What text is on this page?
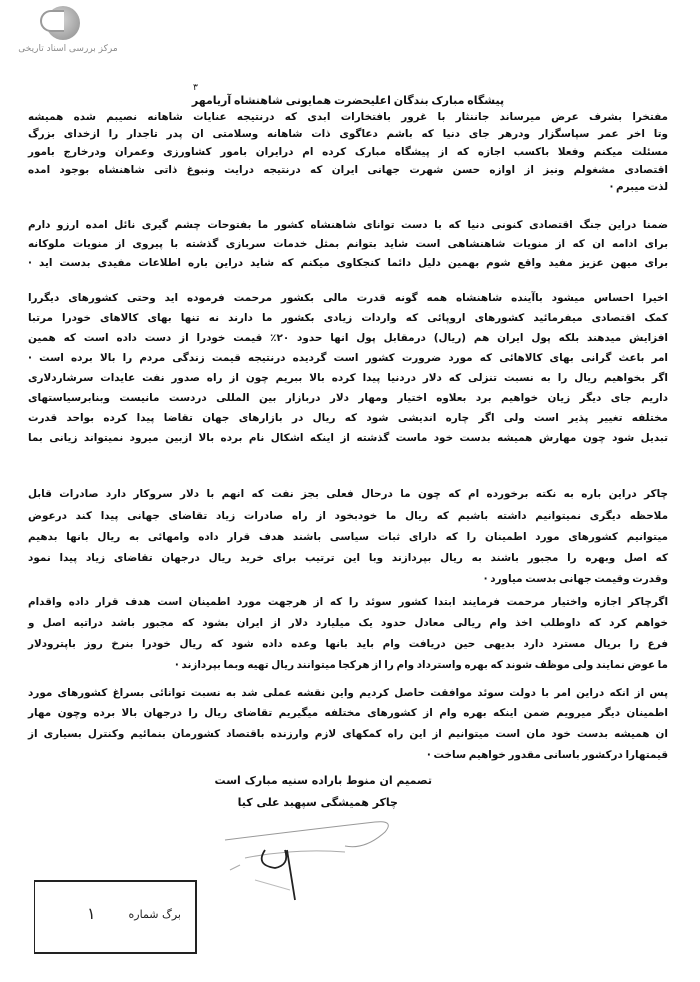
مرکز بررسی اسناد تاریخی
٣
پیشگاه مبارک بندگان اعلیحضرت همایونی شاهنشاه آریامهر
مفتخرا بشرف عرض میرساند جاننثار با غرور بافتخارات ابدی که درنتیجه عنایات شاهانه نصیبم شده همیشه
وتا اخر عمر سپاسگزار ودرهر جای دنیا که باشم دعاگوی ذات شاهانه وسلامتی ان پدر تاجدار را ازخدای بزرگ
مسئلت میکنم وفعلا باکسب اجازه که از پیشگاه مبارک کرده ام درایران بامور کشاورزی وعمران ودرخارج بامور
اقتصادی مشغولم ونیز از اوازه حسن شهرت جهانی ایران که درنتیجه درایت ونبوغ ذاتی شاهنشاه بوجود امده
لذت میبرم ·
ضمنا دراین جنگ اقتصادی کنونی دنیا که با دست توانای شاهنشاه کشور ما بفتوحات چشم گیری نائل امده ارزو دارم
برای ادامه ان که از منویات شاهنشاهی است شاید بتوانم بمثل خدمات سربازی گذشته با پیروی از منویات ملوکانه
برای میهن عزیز مفید واقع شوم بهمین دلیل دائما کنجکاوی میکنم که شاید دراین باره اطلاعات مفیدی بدست اید ·
اخیرا احساس میشود باآینده شاهنشاه همه گونه قدرت مالی بکشور مرحمت فرموده اید وحتی کشورهای دیگررا
کمک اقتصادی میفرمائید کشورهای اروپائی که واردات زیادی بکشور ما دارند نه تنها بهای کالاهای خودرا مرتبا
افزایش میدهند بلکه پول ایران هم (ریال) درمقابل پول انها حدود ٢٠٪ قیمت خودرا از دست داده است که همین
امر باعث گرانی بهای کالاهائی که مورد ضرورت کشور است گردیده درنتیجه قیمت زندگی مردم را بالا برده است ·
اگر بخواهیم ریال را به نسبت تنزلی که دلار دردنیا پیدا کرده بالا ببریم چون از راه صدور نفت عایدات سرشاردلاری
داریم جای دیگر زیان خواهیم برد بعلاوه اختیار ومهار دلار دربازار بین المللی دردست مانیست وبنابرسیاستهای
مختلفه تغییر پذیر است ولی اگر چاره اندیشی شود که ریال در بازارهای جهان تقاضا پیدا کرده بواحد قدرت
تبدیل شود چون مهارش همیشه بدست خود ماست گذشته از اینکه اشکال نام برده بالا ازبین میرود نمیتواند زیانی بما
چاکر دراین باره به نکته برخورده ام که چون ما درحال فعلی بجز نفت که انهم با دلار سروکار دارد صادرات قابل
ملاحظه دیگری نمیتوانیم داشته باشیم که ریال ما خودبخود از راه صادرات زیاد تقاضای جهانی پیدا کند درعوض
میتوانیم کشورهای مورد اطمینان را که دارای ثبات سیاسی باشند هدف قرار داده وامهائی به ریال بانها بدهیم
که اصل وبهره را مجبور باشند به ریال بپردازند وبا این ترتیب برای خرید ریال درجهان تقاضای زیاد پیدا نمود
وقدرت وقیمت جهانی بدست میاورد ·
اگرچاکر اجازه واختیار مرحمت فرمایند ابتدا کشور سوئد را که از هرجهت مورد اطمینان است هدف قرار داده واقدام
خواهم کرد که داوطلب اخذ وام ریالی معادل حدود یک میلیارد دلار از ایران بشود که مجبور باشد دراتیه اصل و
فرع را بریال مسترد دارد بدیهی حین دریافت وام باید بانها وعده داده شود که ریال خودرا بنرخ روز باپترودلار
ما عوض نمایند ولی موظف شوند که بهره واسترداد وام را از هرکجا میتوانند ریال تهیه وبما بپردازند ·
پس از انکه دراین امر با دولت سوئد موافقت حاصل کردیم واین نقشه عملی شد به نسبت توانائی بسراغ کشورهای مورد
اطمینان دیگر میرویم ضمن اینکه بهره وام از کشورهای مختلفه میگیریم تقاضای ریال را درجهان بالا برده وچون مهار
ان همیشه بدست خود مان است میتوانیم از این راه کمکهای لازم وارزنده باقتصاد کشورمان بنمائیم وکنترل بسیاری از
قیمتهارا درکشور باسانی مقدور خواهیم ساخت ·
تصمیم ان منوط باراده سنیه مبارک است
چاکر همیشگی سپهبد علی کیا
١	برگ شماره
